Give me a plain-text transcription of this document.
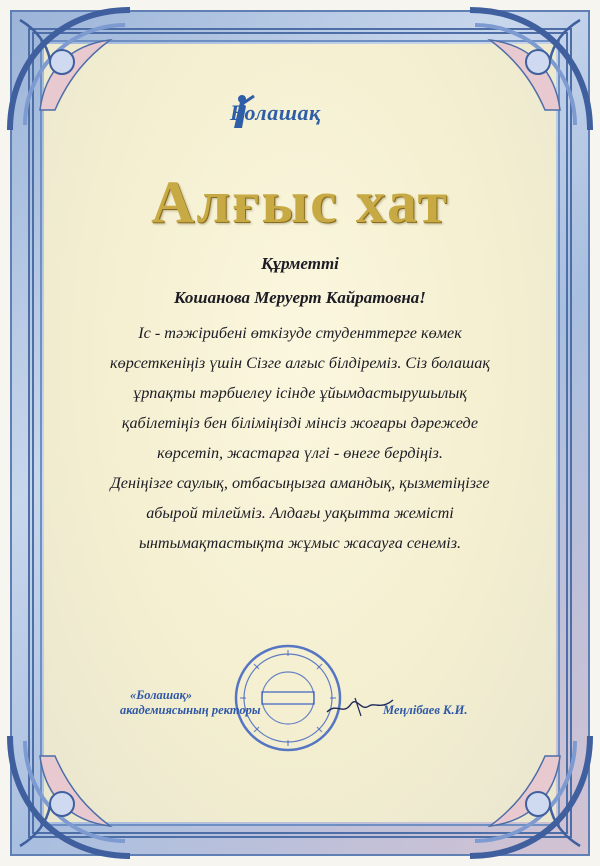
Болашақ
Алғыс хат
Құрметті
Кошанова Меруерт Кайратовна!
Іс - тәжірибені өткізуде студенттерге көмек
көрсеткеніңіз үшін Сізге алғыс білдіреміз. Сіз болашақ
ұрпақты тәрбиелеу ісінде ұйымдастырушылық
қабілетіңіз бен біліміңізді мінсіз жоғары дәрежеде
көрсетіп, жастарға үлгі - өнеге бердіңіз.
Деніңізге саулық, отбасыңызға амандық, қызметіңізге
абырой тілейміз. Алдағы уақытта жемісті
ынтымақтастықта жұмыс жасауға сенеміз.
«Болашақ»
академиясының ректоры	Меңлібаев К.И.
